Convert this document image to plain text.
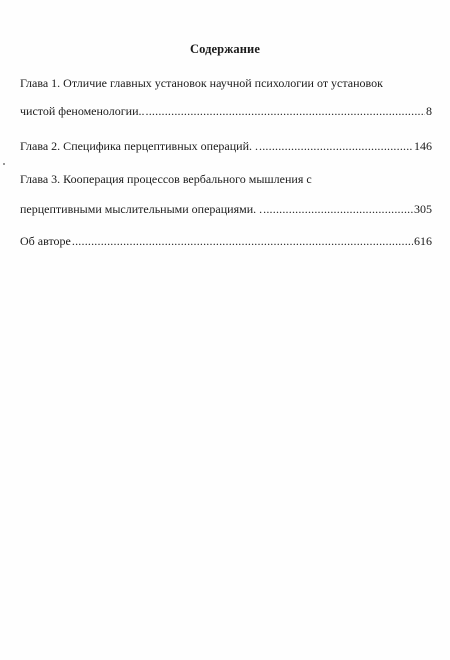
Содержание
Глава 1. Отличие главных установок научной психологии от установок
чистой феноменологии.. .....	8
Глава 2. Специфика перцептивных операций. . .....	146
Глава 3. Кооперация процессов вербального мышления с
перцептивными мыслительными операциями. . .....	305
Об авторе .....	616
